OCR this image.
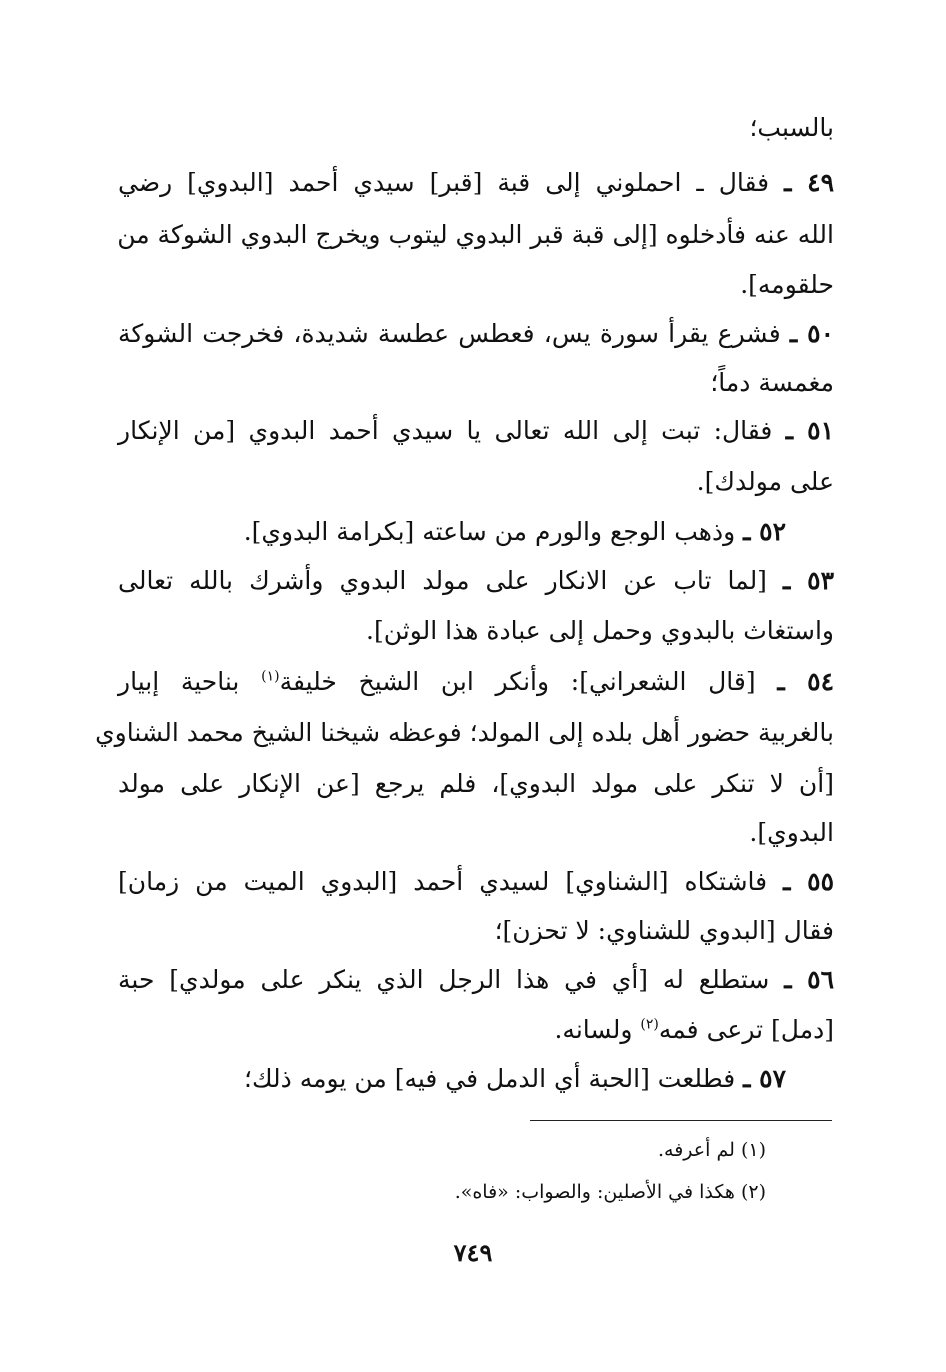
بالسبب؛
٤٩ ـ فقال ـ احملوني إلى قبة [قبر] سيدي أحمد [البدوي] رضي
الله عنه فأدخلوه [إلى قبة قبر البدوي ليتوب ويخرج البدوي الشوكة من
حلقومه].
٥٠ ـ فشرع يقرأ سورة يس، فعطس عطسة شديدة، فخرجت الشوكة
مغمسة دماً؛
٥١ ـ فقال: تبت إلى الله تعالى يا سيدي أحمد البدوي [من الإنكار
على مولدك].
٥٢ ـ وذهب الوجع والورم من ساعته [بكرامة البدوي].
٥٣ ـ [لما تاب عن الانكار على مولد البدوي وأشرك بالله تعالى
واستغاث بالبدوي وحمل إلى عبادة هذا الوثن].
٥٤ ـ [قال الشعراني]: وأنكر ابن الشيخ خليفة$^{(١)}$ بناحية إبيار
بالغربية حضور أهل بلده إلى المولد؛ فوعظه شيخنا الشيخ محمد الشناوي
[أن لا تنكر على مولد البدوي]، فلم يرجع [عن الإنكار على مولد
البدوي].
٥٥ ـ فاشتكاه [الشناوي] لسيدي أحمد [البدوي الميت من زمان]
فقال [البدوي للشناوي: لا تحزن]؛
٥٦ ـ ستطلع له [أي في هذا الرجل الذي ينكر على مولدي] حبة
[دمل] ترعى فمه$^{(٢)}$ ولسانه.
٥٧ ـ فطلعت [الحبة أي الدمل في فيه] من يومه ذلك؛
(١) لم أعرفه.
(٢) هكذا في الأصلين: والصواب: «فاه».
٧٤٩
